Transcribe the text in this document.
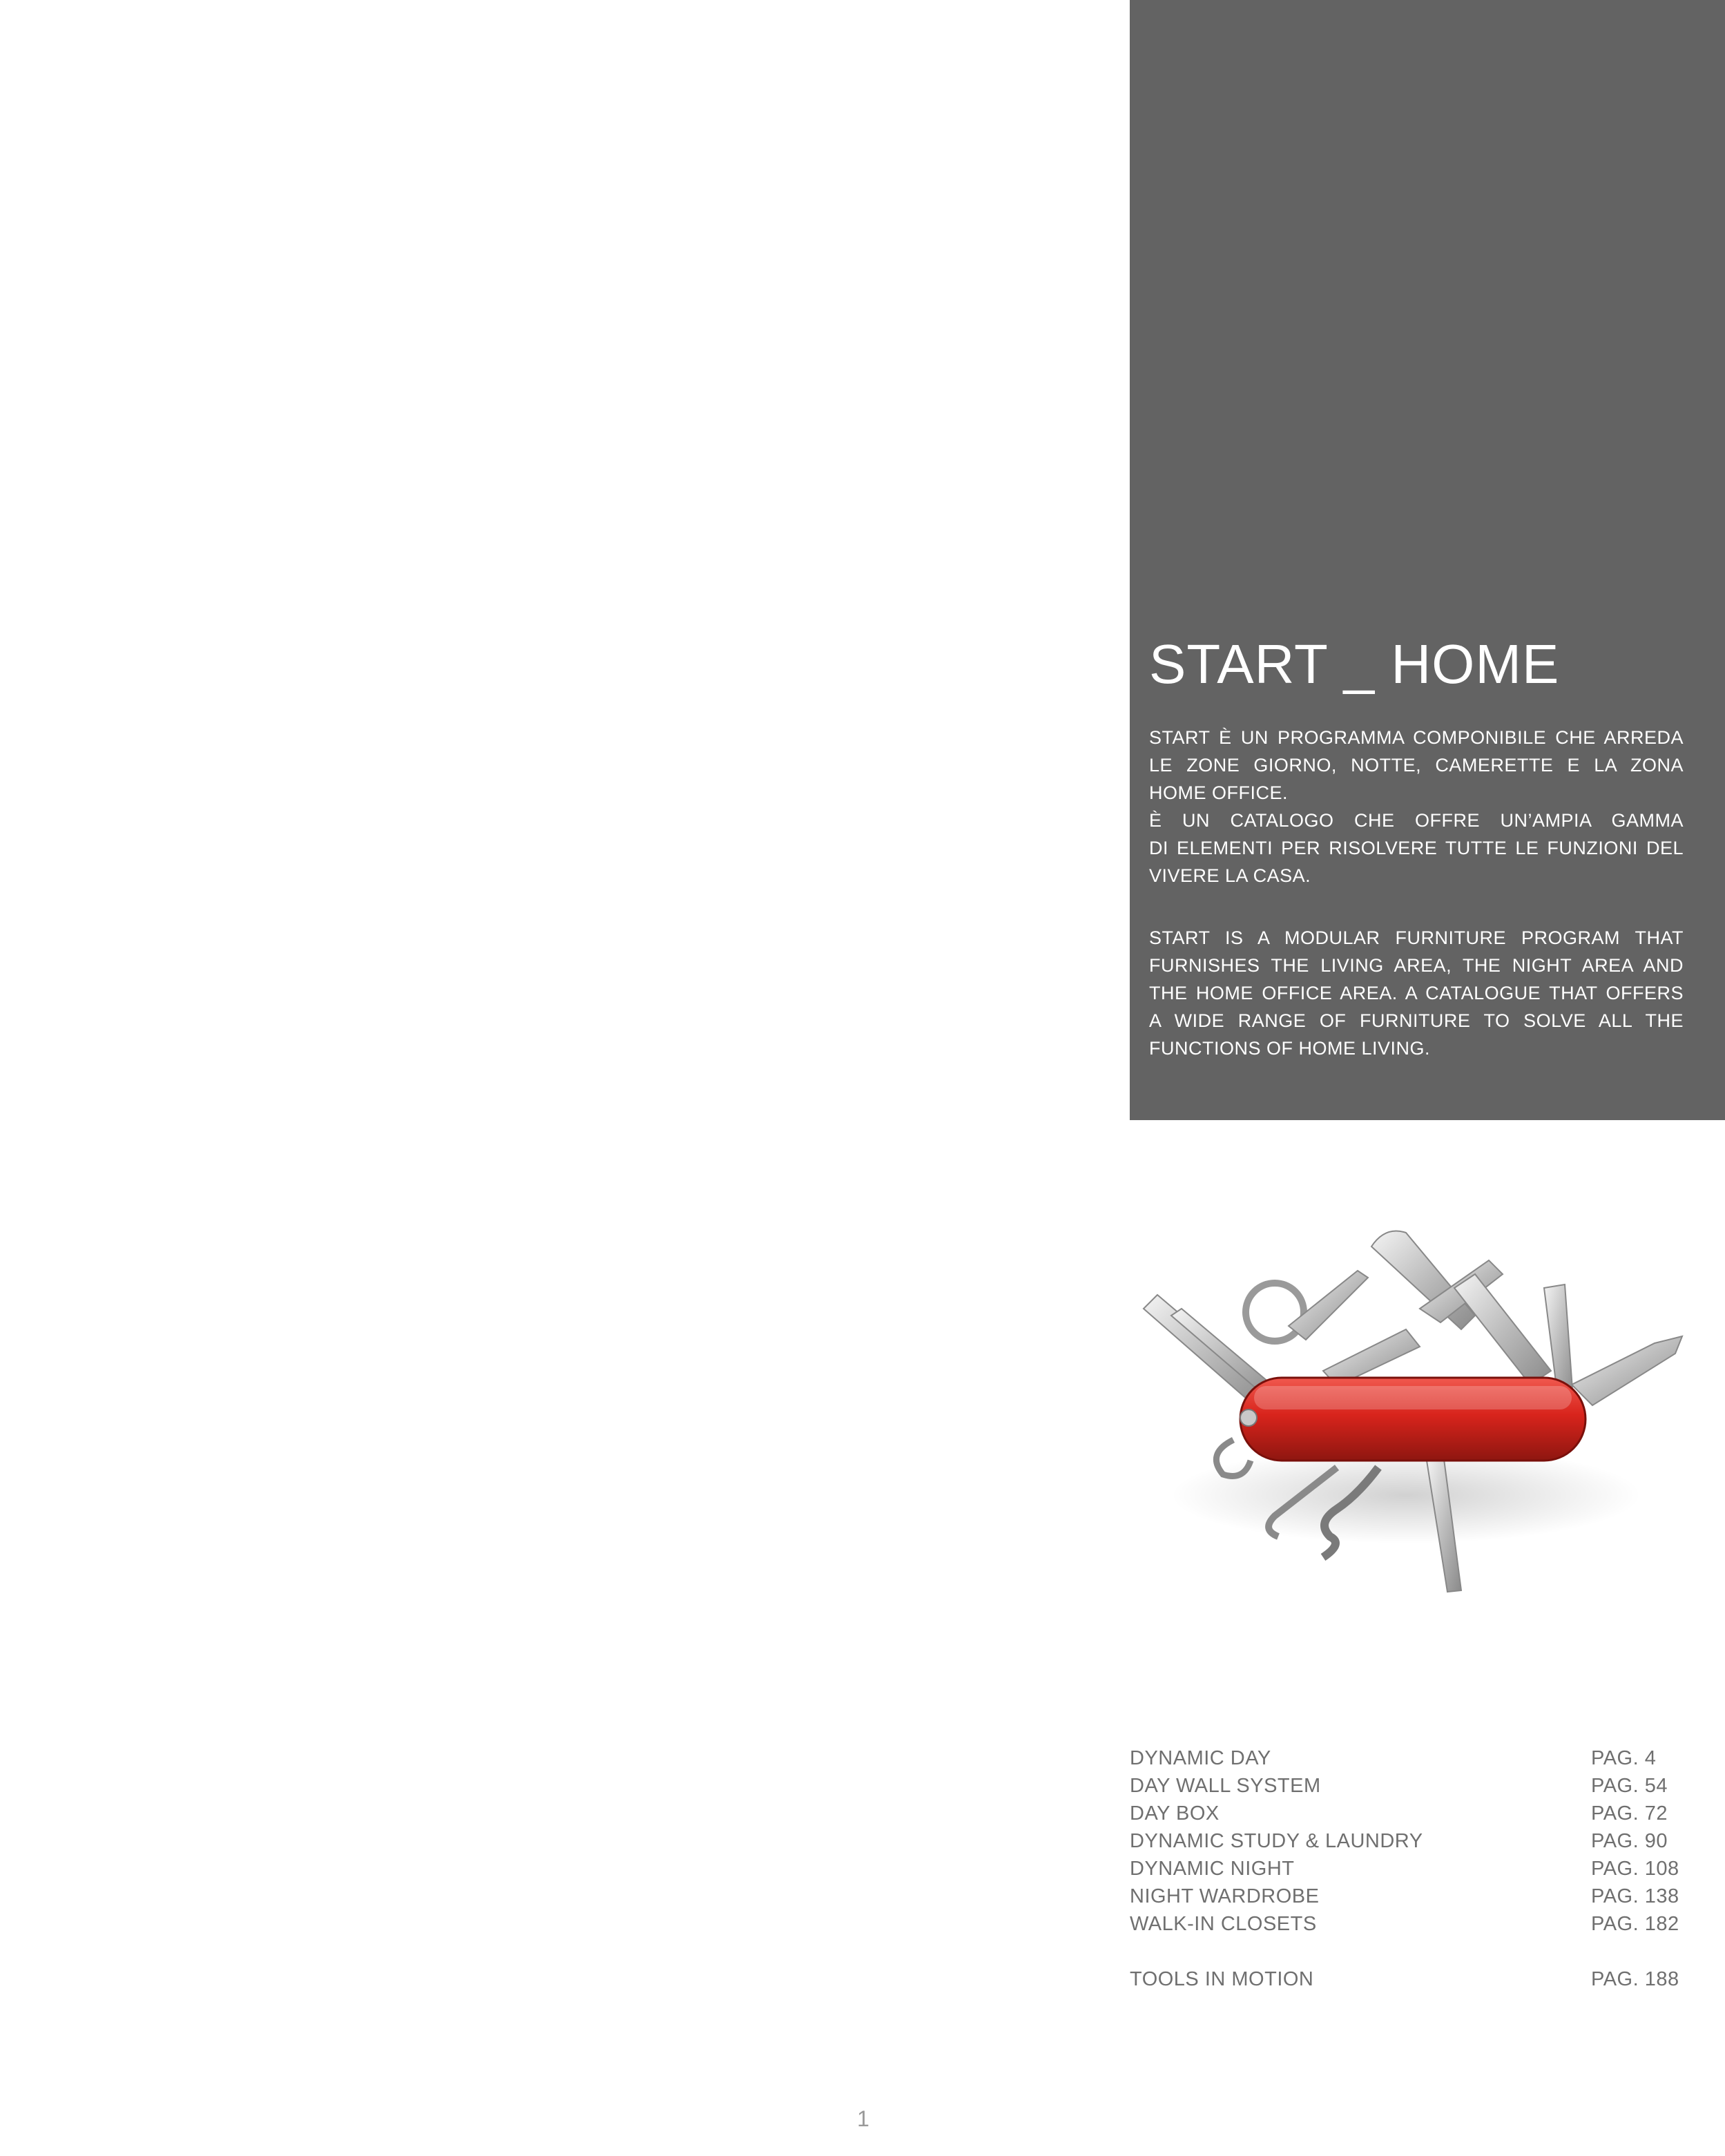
START _ HOME
START È UN PROGRAMMA COMPONIBILE CHE ARREDA
LE ZONE GIORNO, NOTTE, CAMERETTE E LA ZONA
HOME OFFICE.
È UN CATALOGO CHE OFFRE UN’AMPIA GAMMA
DI ELEMENTI PER RISOLVERE TUTTE LE FUNZIONI DEL
VIVERE LA CASA.
START IS A MODULAR FURNITURE PROGRAM THAT
FURNISHES THE LIVING AREA, THE NIGHT AREA AND
THE HOME OFFICE AREA. A CATALOGUE THAT OFFERS
A WIDE RANGE OF FURNITURE TO SOLVE ALL THE
FUNCTIONS OF HOME LIVING.
DYNAMIC DAY	PAG. 4
DAY WALL SYSTEM	PAG. 54
DAY BOX	PAG. 72
DYNAMIC STUDY & LAUNDRY	PAG. 90
DYNAMIC NIGHT	PAG. 108
NIGHT WARDROBE	PAG. 138
WALK-IN CLOSETS	PAG. 182
TOOLS IN MOTION	PAG. 188
1
